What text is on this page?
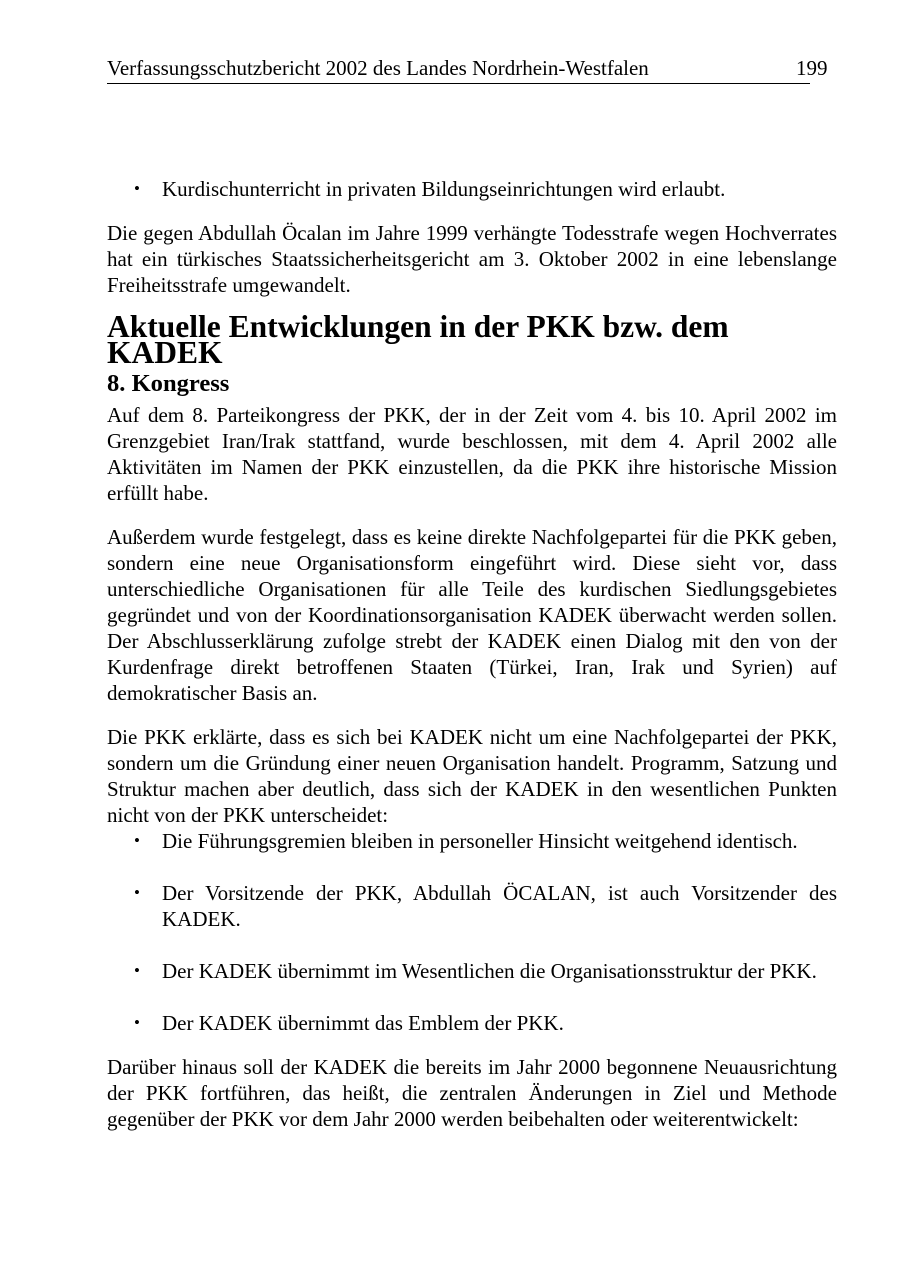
Verfassungsschutzbericht 2002 des Landes Nordrhein-Westfalen	199
• Kurdischunterricht in privaten Bildungseinrichtungen wird erlaubt.

Die gegen Abdullah Öcalan im Jahre 1999 verhängte Todesstrafe wegen Hochverrates hat ein türkisches Staatssicherheitsgericht am 3. Oktober 2002 in eine lebenslange Freiheitsstrafe umgewandelt.

Aktuelle Entwicklungen in der PKK bzw. dem KADEK
8. Kongress

Auf dem 8. Parteikongress der PKK, der in der Zeit vom 4. bis 10. April 2002 im Grenzgebiet Iran/Irak stattfand, wurde beschlossen, mit dem 4. April 2002 alle Aktivitäten im Namen der PKK einzustellen, da die PKK ihre historische Mission erfüllt habe.

Außerdem wurde festgelegt, dass es keine direkte Nachfolgepartei für die PKK geben, sondern eine neue Organisationsform eingeführt wird. Diese sieht vor, dass unterschiedliche Organisationen für alle Teile des kurdischen Siedlungsgebietes gegründet und von der Koordinationsorganisation KADEK überwacht werden sollen. Der Abschlusserklärung zufolge strebt der KADEK einen Dialog mit den von der Kurdenfrage direkt betroffenen Staaten (Türkei, Iran, Irak und Syrien) auf demokratischer Basis an.

Die PKK erklärte, dass es sich bei KADEK nicht um eine Nachfolgepartei der PKK, sondern um die Gründung einer neuen Organisation handelt. Programm, Satzung und Struktur machen aber deutlich, dass sich der KADEK in den wesentlichen Punkten nicht von der PKK unterscheidet:

• Die Führungsgremien bleiben in personeller Hinsicht weitgehend identisch.
• Der Vorsitzende der PKK, Abdullah ÖCALAN, ist auch Vorsitzender des KADEK.
• Der KADEK übernimmt im Wesentlichen die Organisationsstruktur der PKK.
• Der KADEK übernimmt das Emblem der PKK.

Darüber hinaus soll der KADEK die bereits im Jahr 2000 begonnene Neuausrichtung der PKK fortführen, das heißt, die zentralen Änderungen in Ziel und Methode gegenüber der PKK vor dem Jahr 2000 werden beibehalten oder weiterentwickelt:
